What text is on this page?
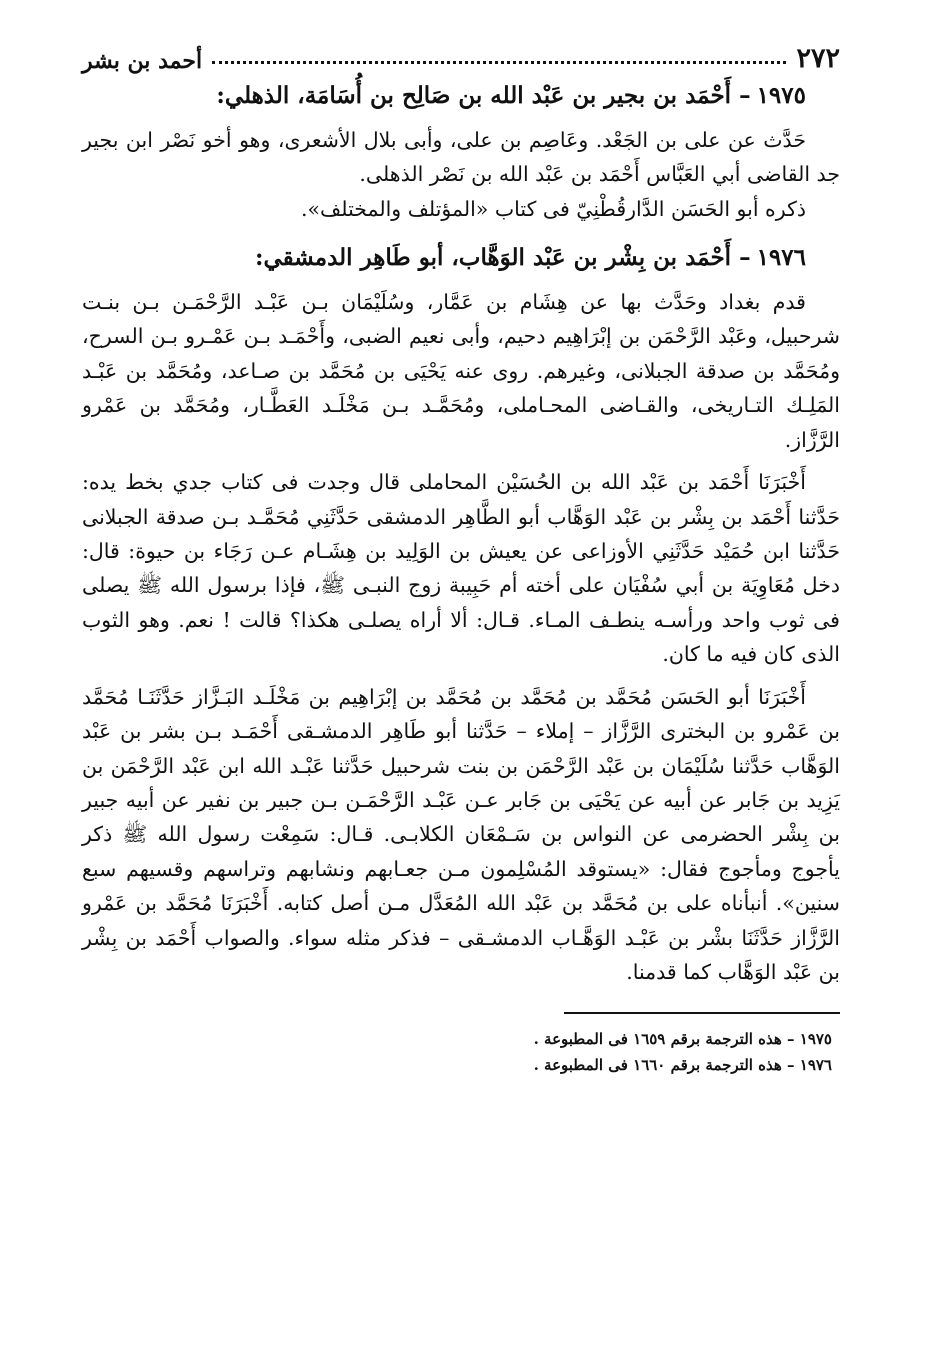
٢٧٢
أحمد بن بشر
١٩٧٥– أَحْمَد بن بجير بن عَبْد الله بن صَالِح بن أُسَامَة، الذهلي:

حَدَّث عن على بن الجَعْد. وعَاصِم بن على، وأبى بلال الأشعرى، وهو أخو نَصْر ابن بجير جد القاضى أبي العَبَّاس أَحْمَد بن عَبْد الله بن نَصْر الذهلى.

ذكره أبو الحَسَن الدَّارقُطْنِيّ فى كتاب «المؤتلف والمختلف».

١٩٧٦– أَحْمَد بن بِشْر بن عَبْد الوَهَّاب، أبو طَاهِر الدمشقي:

قدم بغداد وحَدَّث بها عن هِشَام بن عَمَّار، وسُلَيْمَان بـن عَبْـد الرَّحْمَـن بـن بنـت شرحبيل، وعَبْد الرَّحْمَن بن إبْرَاهِيم دحيم، وأبى نعيم الضبى، وأَحْمَـد بـن عَمْـرو بـن السرح، ومُحَمَّد بن صدقة الجبلانى، وغيرهم. روى عنه يَحْيَى بن مُحَمَّد بن صـاعد، ومُحَمَّد بن عَبْـد المَلِـك التـاريخى، والقـاضى المحـاملى، ومُحَمَّـد بـن مَخْلَـد العَطَّـار، ومُحَمَّد بن عَمْرو الرَّزَّاز.

أَخْبَرَنَا أَحْمَد بن عَبْد الله بن الحُسَيْن المحاملى قال وجدت فى كتاب جدي بخط يده: حَدَّثنا أَحْمَد بن بِشْر بن عَبْد الوَهَّاب أبو الطَّاهِر الدمشقى حَدَّثَنِي مُحَمَّـد بـن صدقة الجبلانى حَدَّثنا ابن حُمَيْد حَدَّثَنِي الأوزاعى عن يعيش بن الوَلِيد بن هِشَـام عـن رَجَاء بن حيوة: قال: دخل مُعَاوِيَة بن أبي سُفْيَان على أخته أم حَبِيبة زوج النبـى ﷺ، فإذا برسول الله ﷺ يصلى فى ثوب واحد ورأسـه ينطـف المـاء. قـال: ألا أراه يصلـى هكذا؟ قالت ! نعم. وهو الثوب الذى كان فيه ما كان.

أَخْبَرَنَا أبو الحَسَن مُحَمَّد بن مُحَمَّد بن مُحَمَّد بن إبْرَاهِيم بن مَخْلَـد البَـزَّاز حَدَّثَنَـا مُحَمَّد بن عَمْرو بن البخترى الرَّزَّاز – إملاء – حَدَّثنا أبو طَاهِر الدمشـقى أَحْمَـد بـن بشر بن عَبْد الوَهَّاب حَدَّثنا سُلَيْمَان بن عَبْد الرَّحْمَن بن بنت شرحبيل حَدَّثنا عَبْـد الله ابن عَبْد الرَّحْمَن بن يَزِيد بن جَابر عن أبيه عن يَحْيَى بن جَابر عـن عَبْـد الرَّحْمَـن بـن جبير بن نفير عن أبيه جبير بن بِشْر الحضرمى عن النواس بن سَـمْعَان الكلابـى. قـال: سَمِعْت رسول الله ﷺ ذكر يأجوج ومأجوج فقال: «يستوقد المُسْلِمون مـن جعـابهم ونشابهم وتراسهم وقسيهم سبع سنين». أنبأناه على بن مُحَمَّد بن عَبْد الله المُعَدَّل مـن أصل كتابه. أَخْبَرَنَا مُحَمَّد بن عَمْرو الرَّزَّاز حَدَّثَنَا بشْر بن عَبْـد الوَهَّـاب الدمشـقى – فذكر مثله سواء. والصواب أَحْمَد بن بِشْر بن عَبْد الوَهَّاب كما قدمنا.

١٩٧٥ – هذه الترجمة برقم ١٦٥٩ فى المطبوعة .

١٩٧٦ – هذه الترجمة برقم ١٦٦٠ فى المطبوعة .
